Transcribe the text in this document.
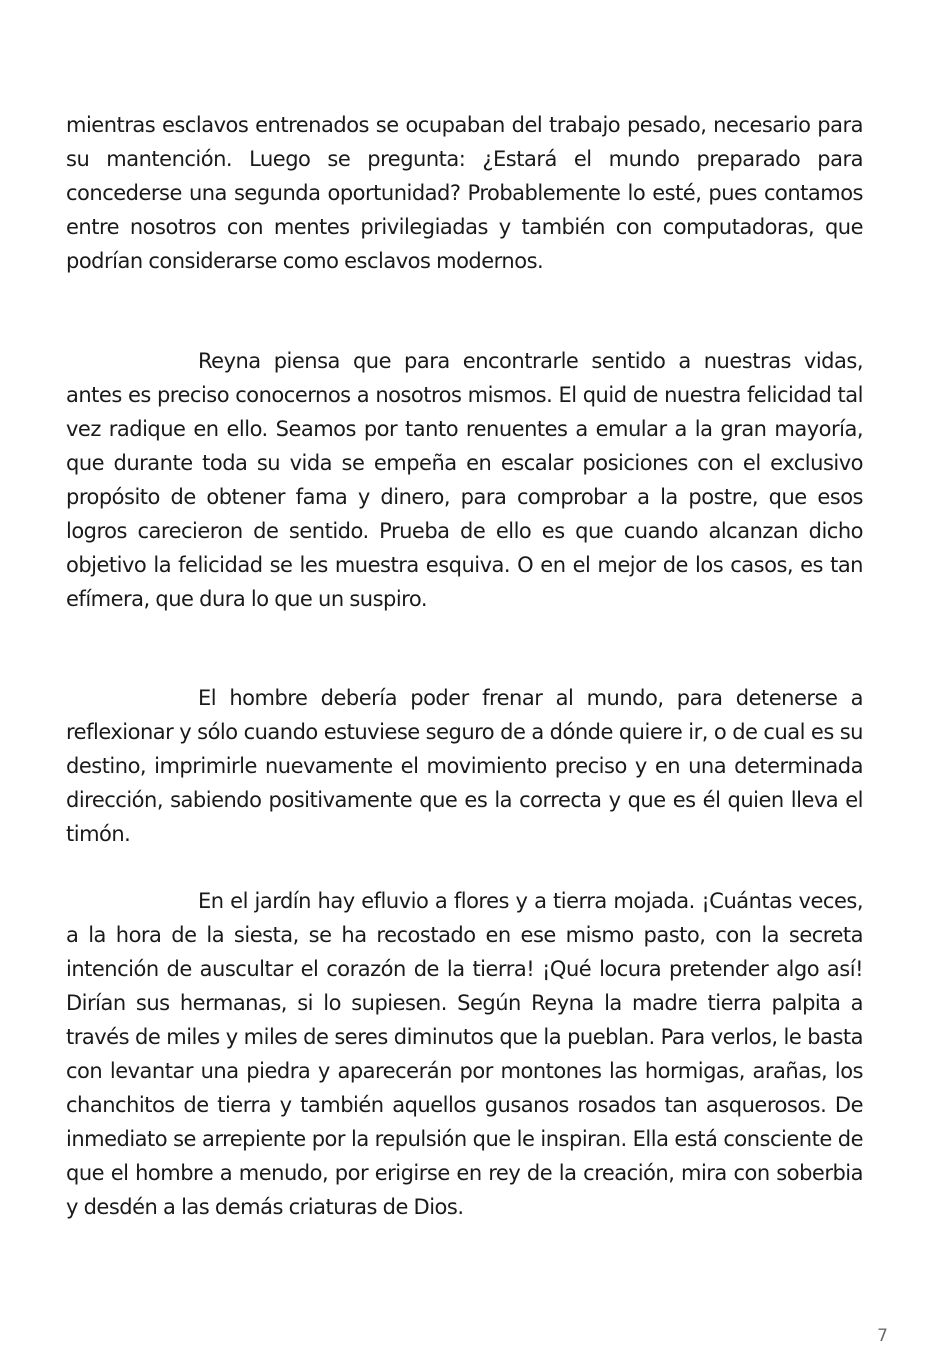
mientras esclavos entrenados se ocupaban del trabajo pesado, necesario para su mantención. Luego se pregunta: ¿Estará el mundo preparado para concederse una segunda oportunidad? Probablemente lo esté, pues contamos entre nosotros con mentes privilegiadas y también con computadoras, que podrían considerarse como esclavos modernos.

Reyna piensa que para encontrarle sentido a nuestras vidas, antes es preciso conocernos a nosotros mismos. El quid de nuestra felicidad tal vez radique en ello. Seamos por tanto renuentes a emular a la gran mayoría, que durante toda su vida se empeña en escalar posiciones con el exclusivo propósito de obtener fama y dinero, para comprobar a la postre, que esos logros carecieron de sentido. Prueba de ello es que cuando alcanzan dicho objetivo la felicidad se les muestra esquiva. O en el mejor de los casos, es tan efímera, que dura lo que un suspiro.

El hombre debería poder frenar al mundo, para detenerse a reflexionar y sólo cuando estuviese seguro de a dónde quiere ir, o de cual es su destino, imprimirle nuevamente el movimiento preciso y en una determinada dirección, sabiendo positivamente que es la correcta y que es él quien lleva el timón.

En el jardín hay efluvio a flores y a tierra mojada. ¡Cuántas veces, a la hora de la siesta, se ha recostado en ese mismo pasto, con la secreta intención de auscultar el corazón de la tierra! ¡Qué locura pretender algo así! Dirían sus hermanas, si lo supiesen. Según Reyna la madre tierra palpita a través de miles y miles de seres diminutos que la pueblan. Para verlos, le basta con levantar una piedra y aparecerán por montones las hormigas, arañas, los chanchitos de tierra y también aquellos gusanos rosados tan asquerosos. De inmediato se arrepiente por la repulsión que le inspiran. Ella está consciente de que el hombre a menudo, por erigirse en rey de la creación, mira con soberbia y desdén a las demás criaturas de Dios.

7
